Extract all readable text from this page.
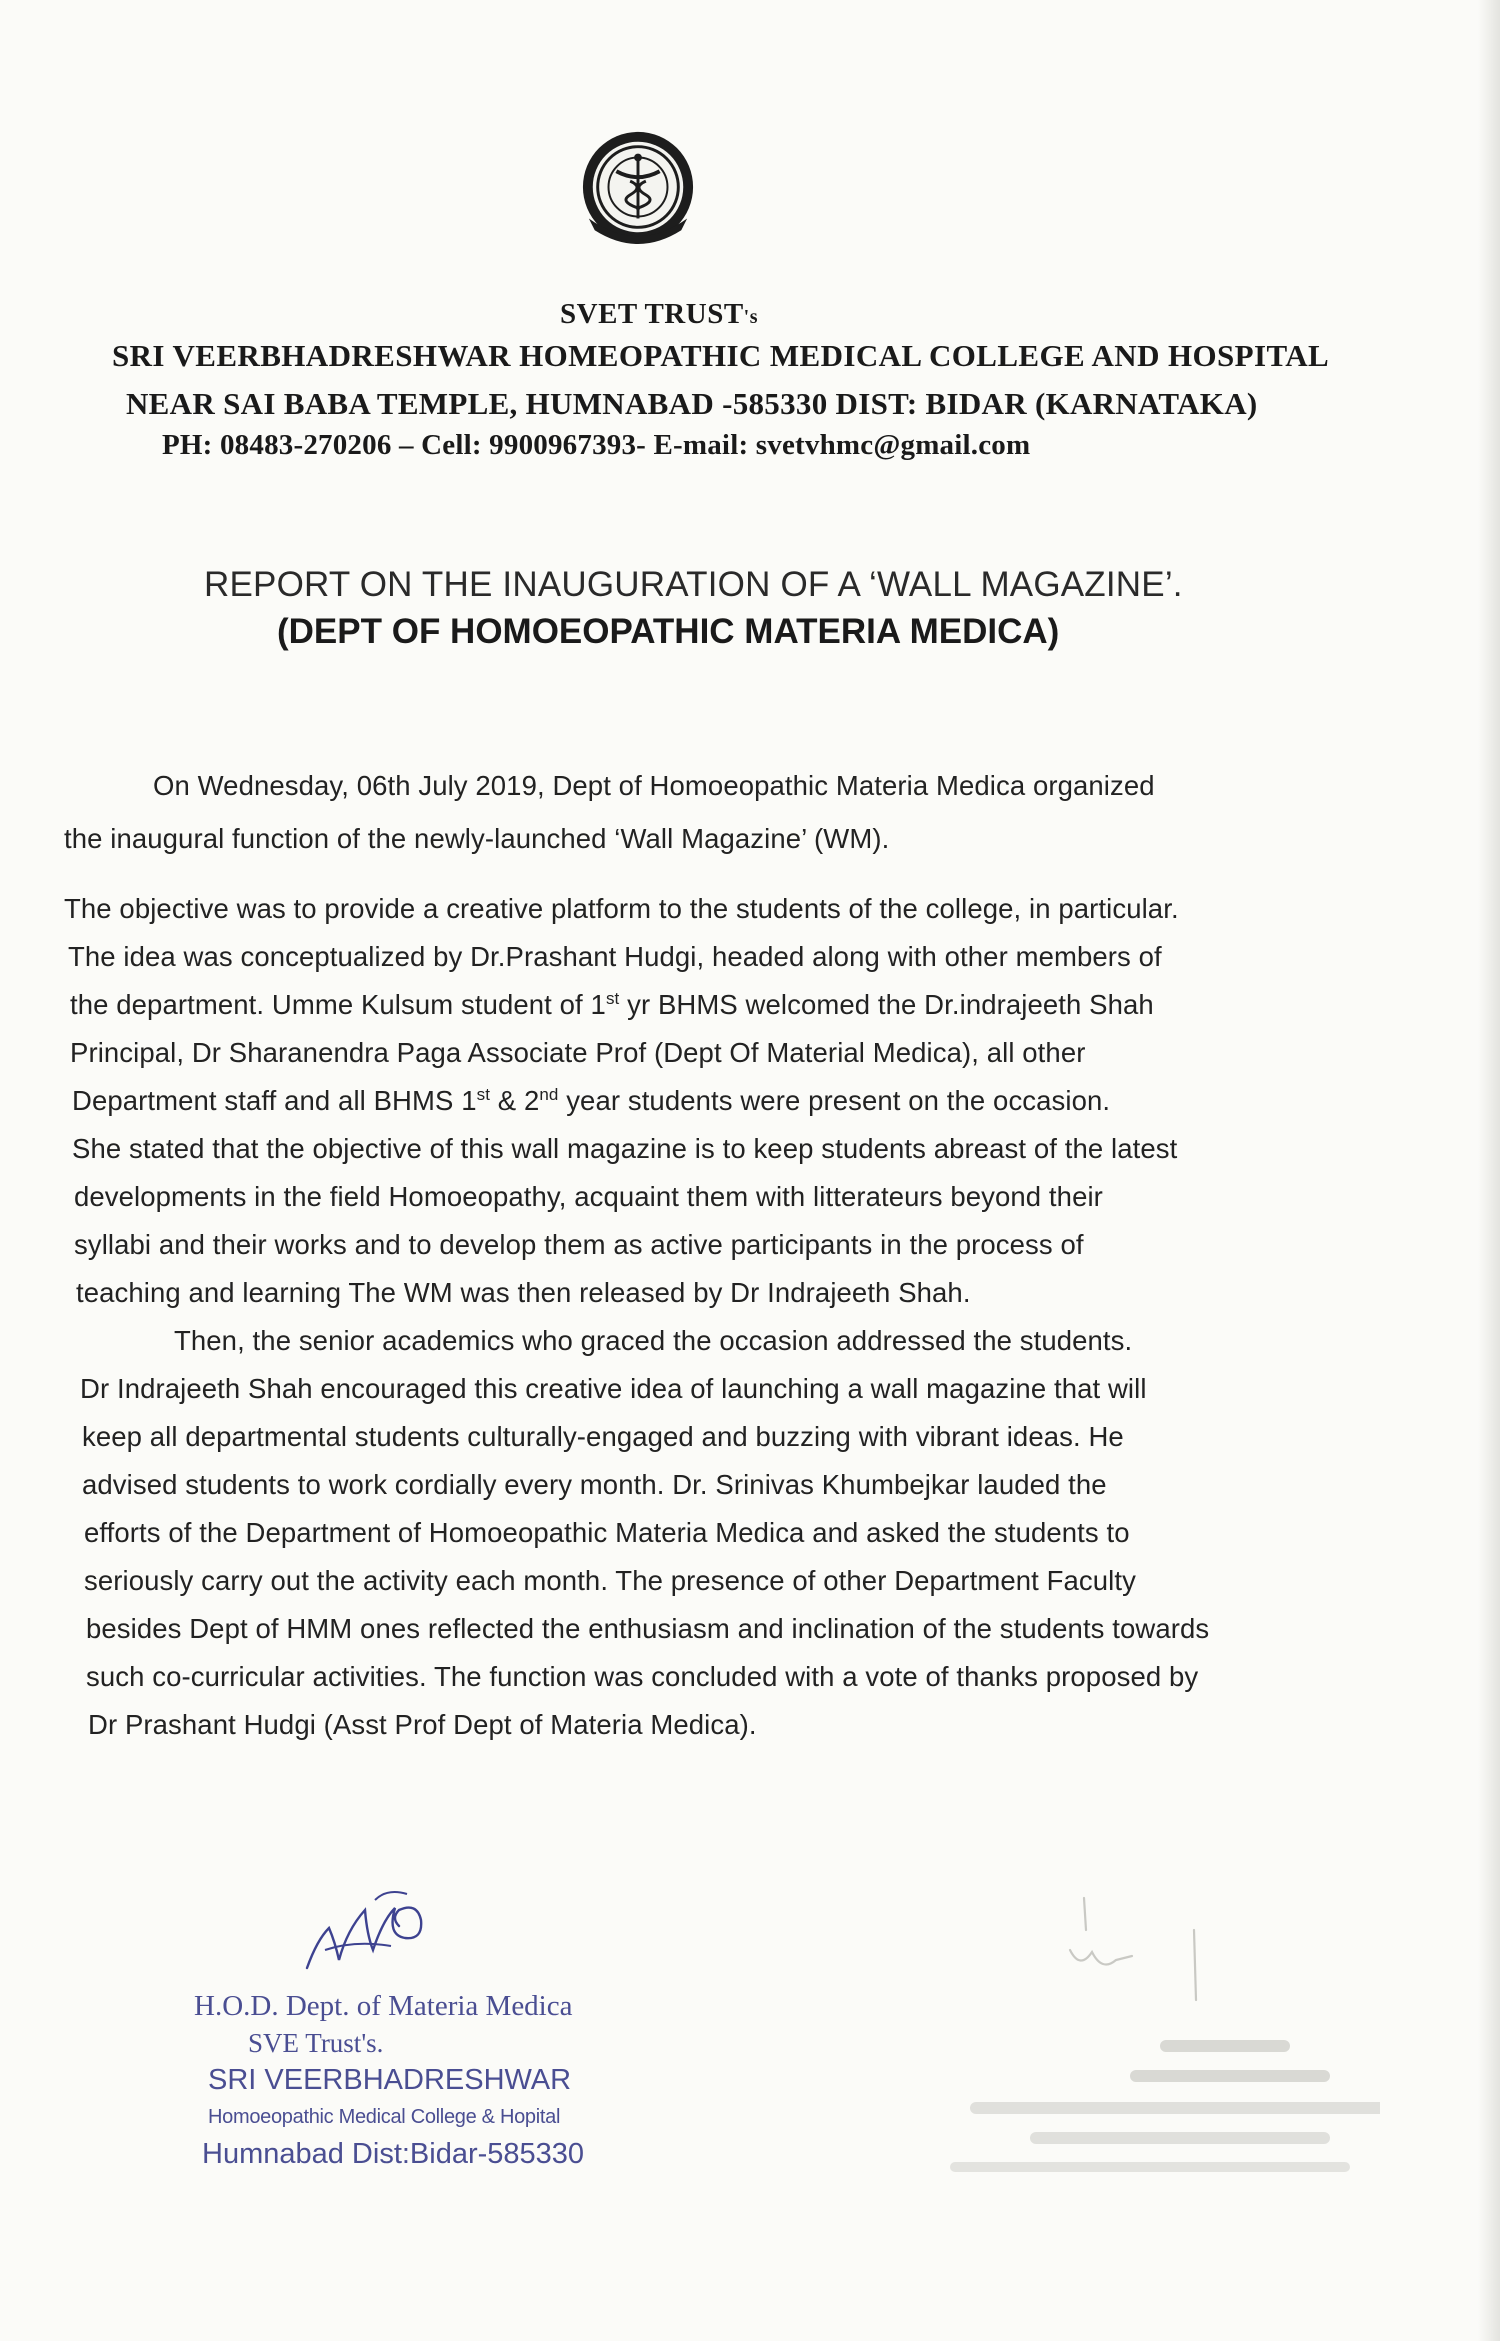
SVET TRUST's
SRI VEERBHADRESHWAR HOMEOPATHIC MEDICAL COLLEGE AND HOSPITAL
NEAR SAI BABA TEMPLE, HUMNABAD -585330 DIST: BIDAR (KARNATAKA)
PH: 08483-270206 – Cell: 9900967393- E-mail: svetvhmc@gmail.com
REPORT ON THE INAUGURATION OF A ‘WALL MAGAZINE’.
(DEPT OF HOMOEOPATHIC MATERIA MEDICA)
On Wednesday, 06th July 2019, Dept of Homoeopathic Materia Medica organized
the inaugural function of the newly-launched ‘Wall Magazine’ (WM).
The objective was to provide a creative platform to the students of the college, in particular.
The idea was conceptualized by Dr.Prashant Hudgi, headed along with other members of
the department. Umme Kulsum student of 1st yr BHMS welcomed the Dr.indrajeeth Shah
Principal, Dr Sharanendra Paga Associate Prof (Dept Of Material Medica), all other
Department staff and all BHMS 1st & 2nd year students were present on the occasion.
She stated that the objective of this wall magazine is to keep students abreast of the latest
developments in the field Homoeopathy, acquaint them with litterateurs beyond their
syllabi and their works and to develop them as active participants in the process of
teaching and learning The WM was then released by Dr Indrajeeth Shah.
Then, the senior academics who graced the occasion addressed the students.
Dr Indrajeeth Shah encouraged this creative idea of launching a wall magazine that will
keep all departmental students culturally-engaged and buzzing with vibrant ideas. He
advised students to work cordially every month. Dr. Srinivas Khumbejkar lauded the
efforts of the Department of Homoeopathic Materia Medica and asked the students to
seriously carry out the activity each month. The presence of other Department Faculty
besides Dept of HMM ones reflected the enthusiasm and inclination of the students towards
such co-curricular activities. The function was concluded with a vote of thanks proposed by
Dr Prashant Hudgi (Asst Prof Dept of Materia Medica).
H.O.D. Dept. of Materia Medica
SVE Trust's.
SRI VEERBHADRESHWAR
Homoeopathic Medical College & Hopital
Humnabad Dist:Bidar-585330
